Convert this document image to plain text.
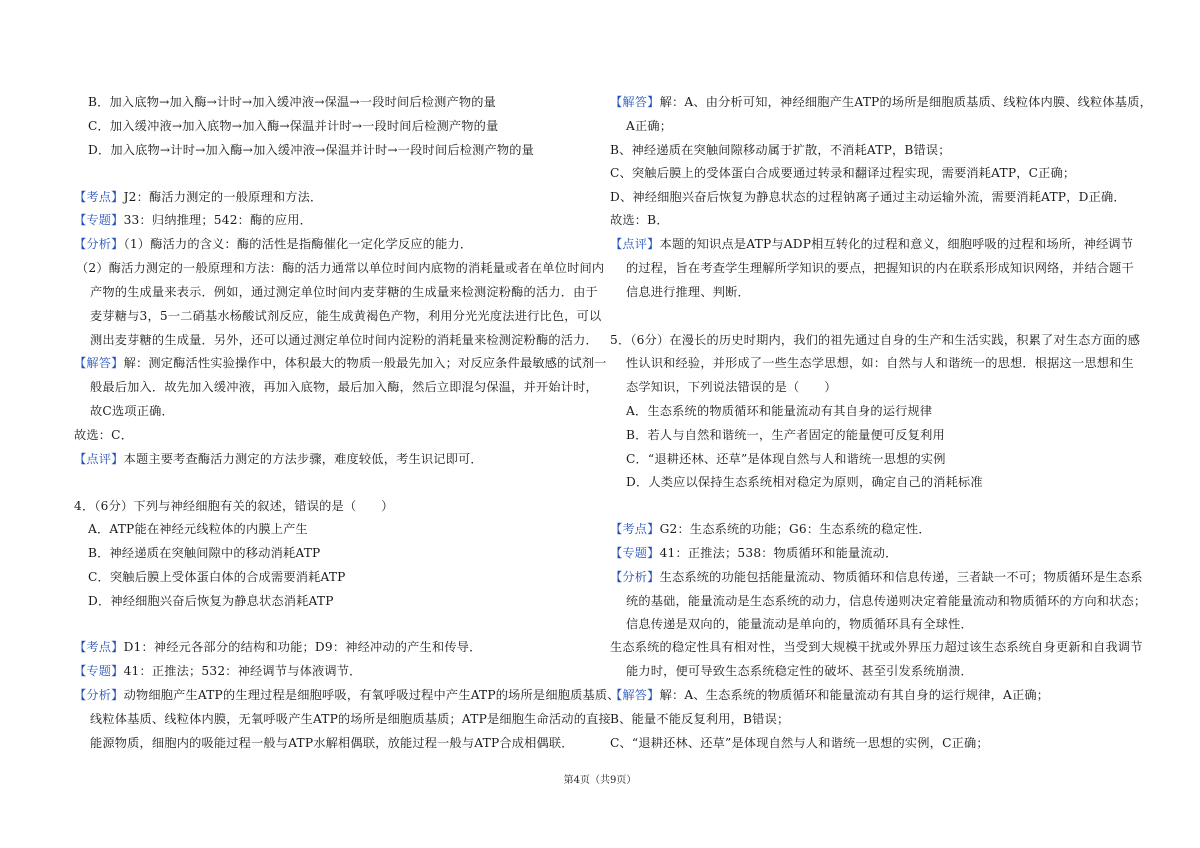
B．加入底物→加入酶→计时→加入缓冲液→保温→一段时间后检测产物的量
C．加入缓冲液→加入底物→加入酶→保温并计时→一段时间后检测产物的量
D．加入底物→计时→加入酶→加入缓冲液→保温并计时→一段时间后检测产物的量
【考点】J2：酶活力测定的一般原理和方法．
【专题】33：归纳推理；542：酶的应用．
【分析】（1）酶活力的含义：酶的活性是指酶催化一定化学反应的能力．
（2）酶活力测定的一般原理和方法：酶的活力通常以单位时间内底物的消耗量或者在单位时间内
产物的生成量来表示．例如，通过测定单位时间内麦芽糖的生成量来检测淀粉酶的活力．由于
麦芽糖与3，5一二硝基水杨酸试剂反应，能生成黄褐色产物，利用分光光度法进行比色，可以
测出麦芽糖的生成量．另外，还可以通过测定单位时间内淀粉的消耗量来检测淀粉酶的活力．
【解答】解：测定酶活性实验操作中，体积最大的物质一般最先加入；对反应条件最敏感的试剂一
般最后加入．故先加入缓冲液，再加入底物，最后加入酶，然后立即混匀保温，并开始计时，
故C选项正确．
故选：C．
【点评】本题主要考查酶活力测定的方法步骤，难度较低，考生识记即可．
4．（6分）下列与神经细胞有关的叙述，错误的是（　　）
A．ATP能在神经元线粒体的内膜上产生
B．神经递质在突触间隙中的移动消耗ATP
C．突触后膜上受体蛋白体的合成需要消耗ATP
D．神经细胞兴奋后恢复为静息状态消耗ATP
【考点】D1：神经元各部分的结构和功能；D9：神经冲动的产生和传导．
【专题】41：正推法；532：神经调节与体液调节．
【分析】动物细胞产生ATP的生理过程是细胞呼吸，有氧呼吸过程中产生ATP的场所是细胞质基质、
线粒体基质、线粒体内膜，无氧呼吸产生ATP的场所是细胞质基质；ATP是细胞生命活动的直接
能源物质，细胞内的吸能过程一般与ATP水解相偶联，放能过程一般与ATP合成相偶联．
【解答】解：A、由分析可知，神经细胞产生ATP的场所是细胞质基质、线粒体内膜、线粒体基质，
A正确；
B、神经递质在突触间隙移动属于扩散，不消耗ATP，B错误；
C、突触后膜上的受体蛋白合成要通过转录和翻译过程实现，需要消耗ATP，C正确；
D、神经细胞兴奋后恢复为静息状态的过程钠离子通过主动运输外流，需要消耗ATP，D正确．
故选：B．
【点评】本题的知识点是ATP与ADP相互转化的过程和意义，细胞呼吸的过程和场所，神经调节
的过程，旨在考查学生理解所学知识的要点，把握知识的内在联系形成知识网络，并结合题干
信息进行推理、判断．
5．（6分）在漫长的历史时期内，我们的祖先通过自身的生产和生活实践，积累了对生态方面的感
性认识和经验，并形成了一些生态学思想，如：自然与人和谐统一的思想．根据这一思想和生
态学知识，下列说法错误的是（　　）
A．生态系统的物质循环和能量流动有其自身的运行规律
B．若人与自然和谐统一，生产者固定的能量便可反复利用
C．“退耕还林、还草”是体现自然与人和谐统一思想的实例
D．人类应以保持生态系统相对稳定为原则，确定自己的消耗标准
【考点】G2：生态系统的功能；G6：生态系统的稳定性．
【专题】41：正推法；538：物质循环和能量流动．
【分析】生态系统的功能包括能量流动、物质循环和信息传递，三者缺一不可；物质循环是生态系
统的基础，能量流动是生态系统的动力，信息传递则决定着能量流动和物质循环的方向和状态；
信息传递是双向的，能量流动是单向的，物质循环具有全球性．
生态系统的稳定性具有相对性，当受到大规模干扰或外界压力超过该生态系统自身更新和自我调节
能力时，便可导致生态系统稳定性的破坏、甚至引发系统崩溃．
【解答】解：A、生态系统的物质循环和能量流动有其自身的运行规律，A正确；
B、能量不能反复利用，B错误；
C、“退耕还林、还草”是体现自然与人和谐统一思想的实例，C正确；
第4页（共9页）
